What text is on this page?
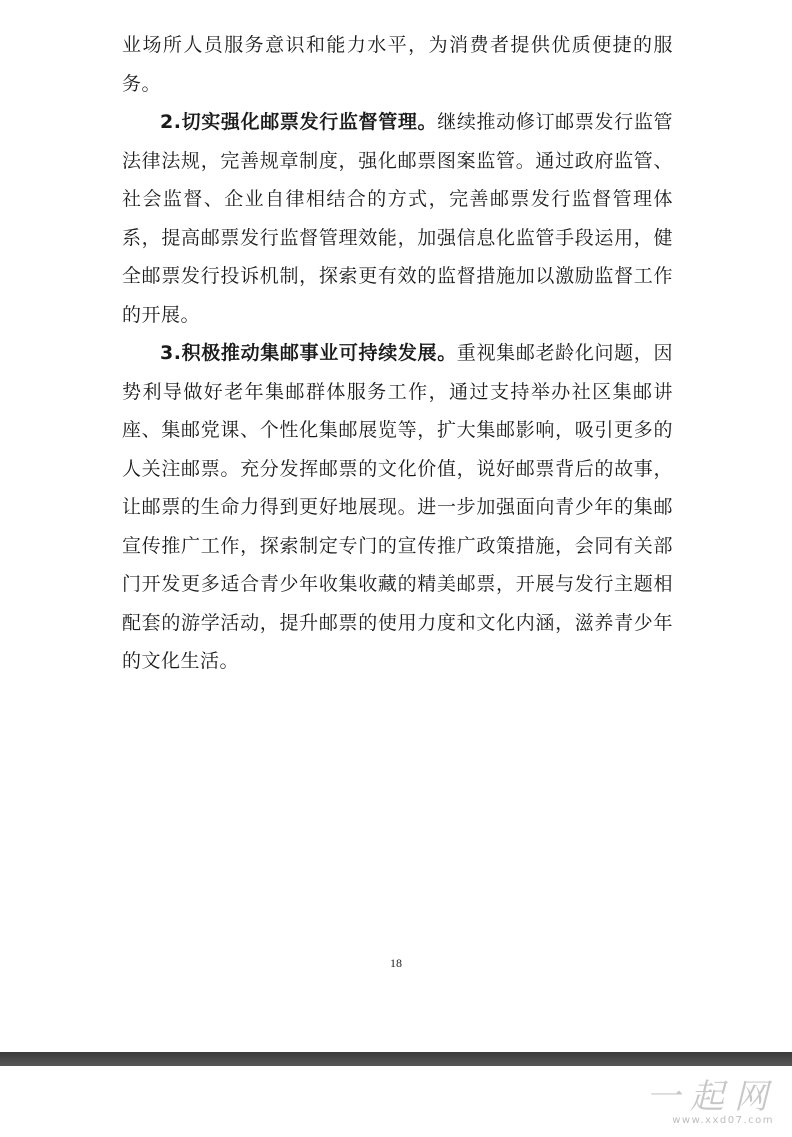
业场所人员服务意识和能力水平，为消费者提供优质便捷的服务。

2.切实强化邮票发行监督管理。继续推动修订邮票发行监管法律法规，完善规章制度，强化邮票图案监管。通过政府监管、社会监督、企业自律相结合的方式，完善邮票发行监督管理体系，提高邮票发行监督管理效能，加强信息化监管手段运用，健全邮票发行投诉机制，探索更有效的监督措施加以激励监督工作的开展。

3.积极推动集邮事业可持续发展。重视集邮老龄化问题，因势利导做好老年集邮群体服务工作，通过支持举办社区集邮讲座、集邮党课、个性化集邮展览等，扩大集邮影响，吸引更多的人关注邮票。充分发挥邮票的文化价值，说好邮票背后的故事，让邮票的生命力得到更好地展现。进一步加强面向青少年的集邮宣传推广工作，探索制定专门的宣传推广政策措施，会同有关部门开发更多适合青少年收集收藏的精美邮票，开展与发行主题相配套的游学活动，提升邮票的使用力度和文化内涵，滋养青少年的文化生活。

18
一起网
www.xxd07.com
